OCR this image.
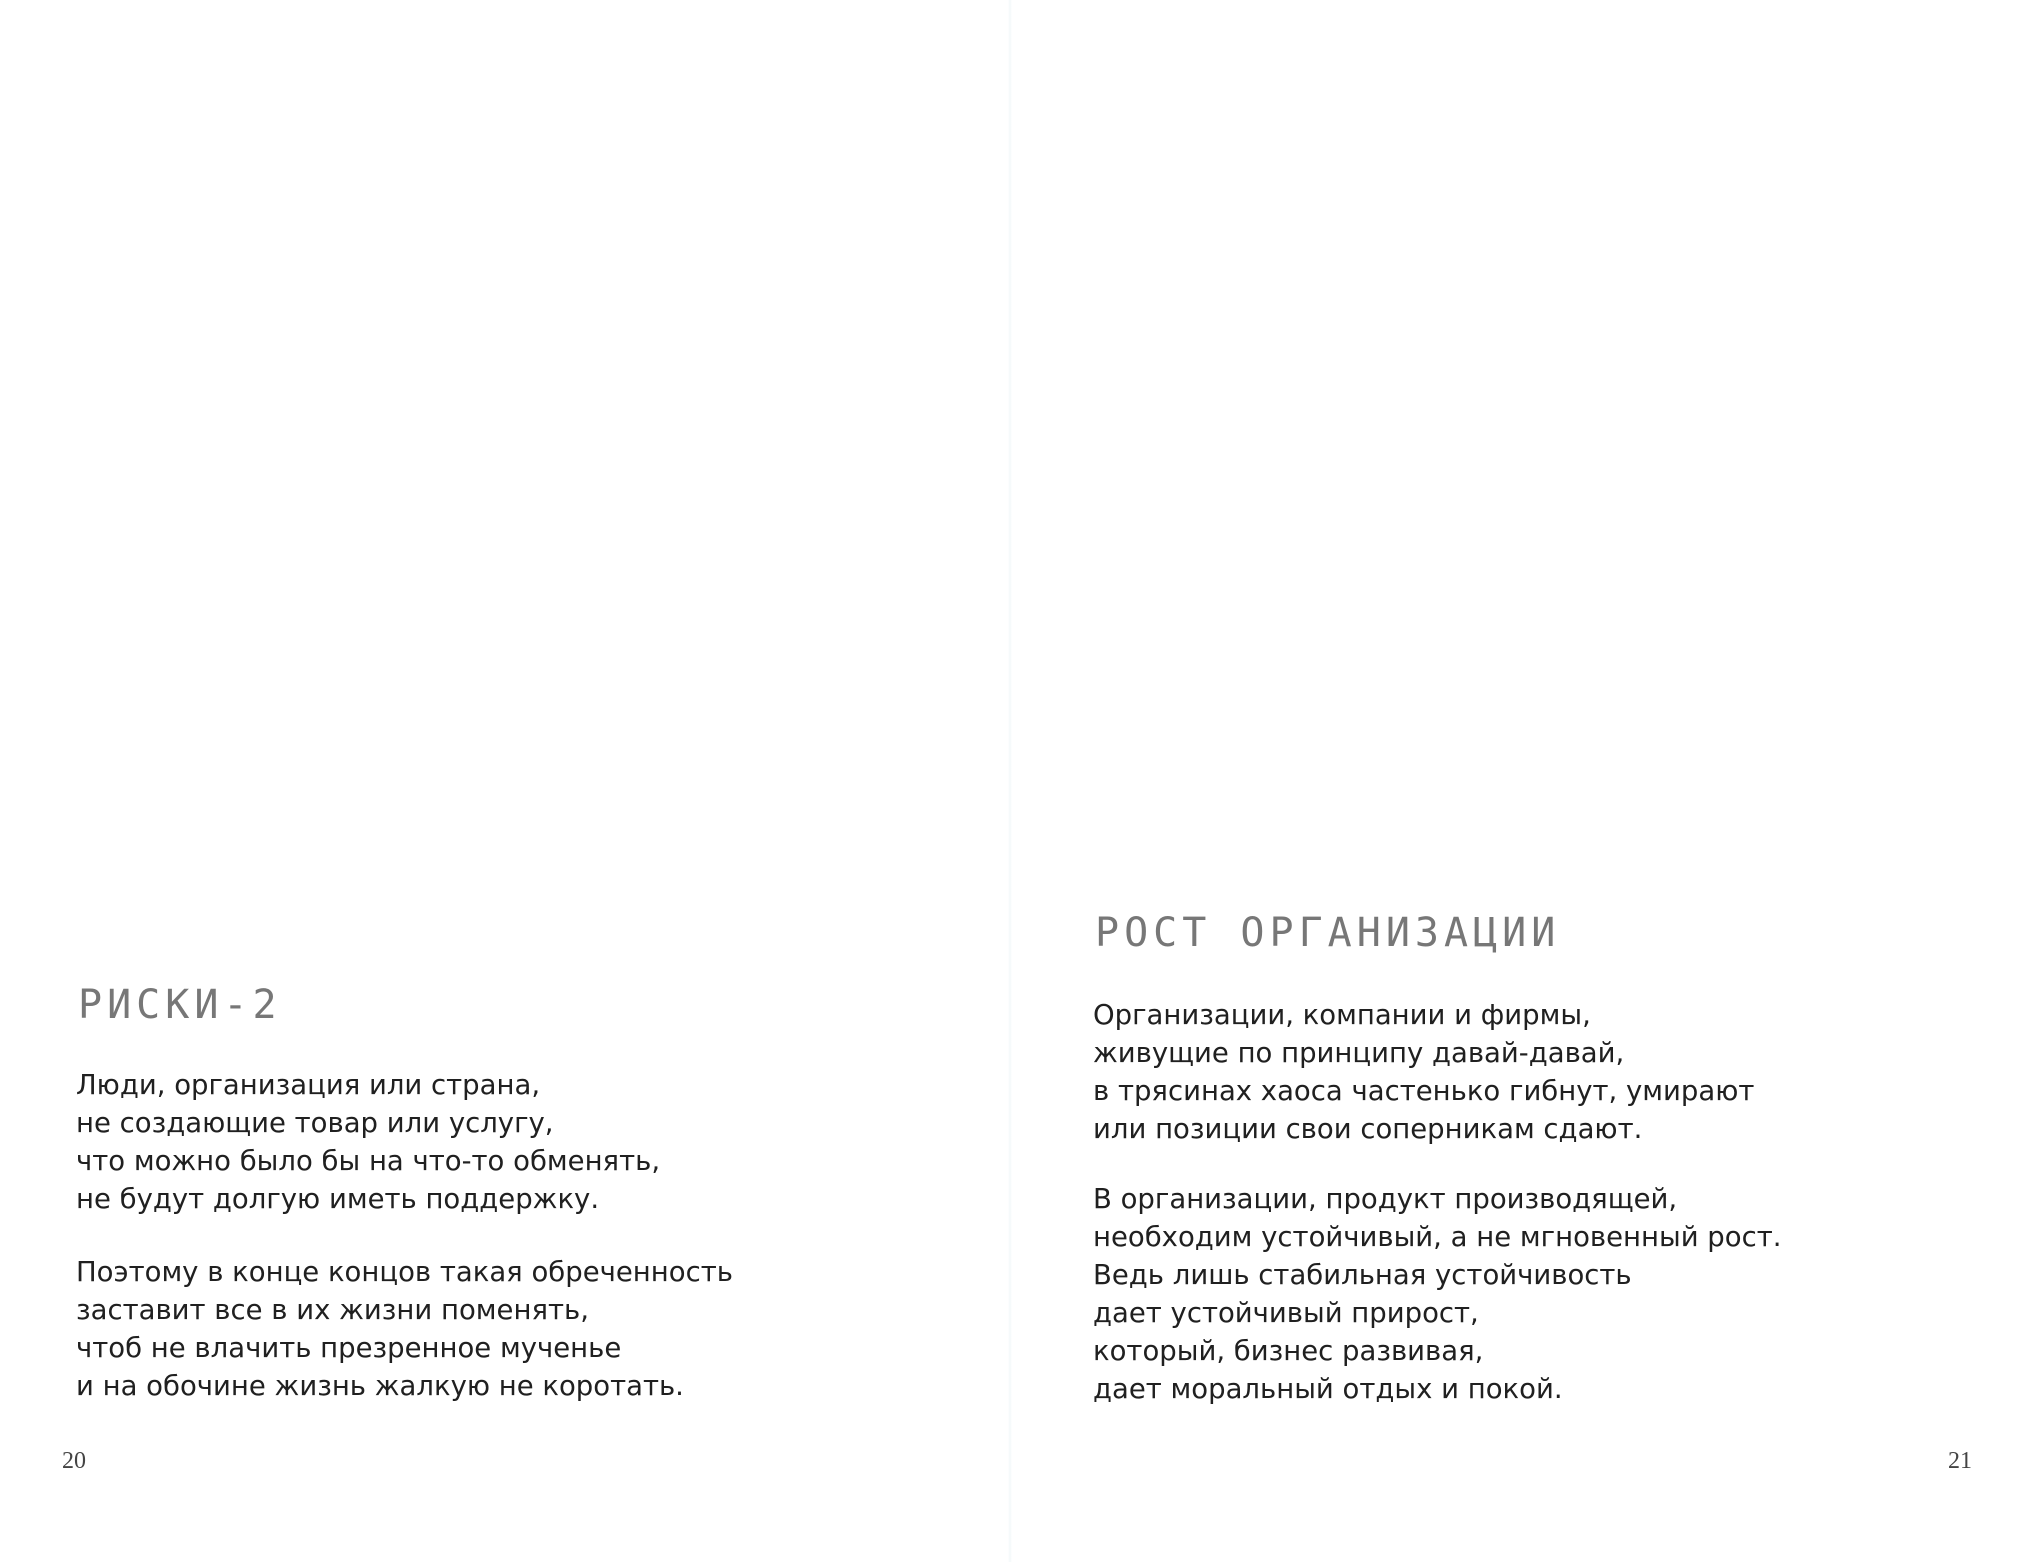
РИСКИ-2
Люди, организация или страна,
не создающие товар или услугу,
что можно было бы на что-то обменять,
не будут долгую иметь поддержку.
Поэтому в конце концов такая обреченность
заставит все в их жизни поменять,
чтоб не влачить презренное мученье
и на обочине жизнь жалкую не коротать.
20
РОСТ ОРГАНИЗАЦИИ
Организации, компании и фирмы,
живущие по принципу давай-давай,
в трясинах хаоса частенько гибнут, умирают
или позиции свои соперникам сдают.
В организации, продукт производящей,
необходим устойчивый, а не мгновенный рост.
Ведь лишь стабильная устойчивость
дает устойчивый прирост,
который, бизнес развивая,
дает моральный отдых и покой.
21
